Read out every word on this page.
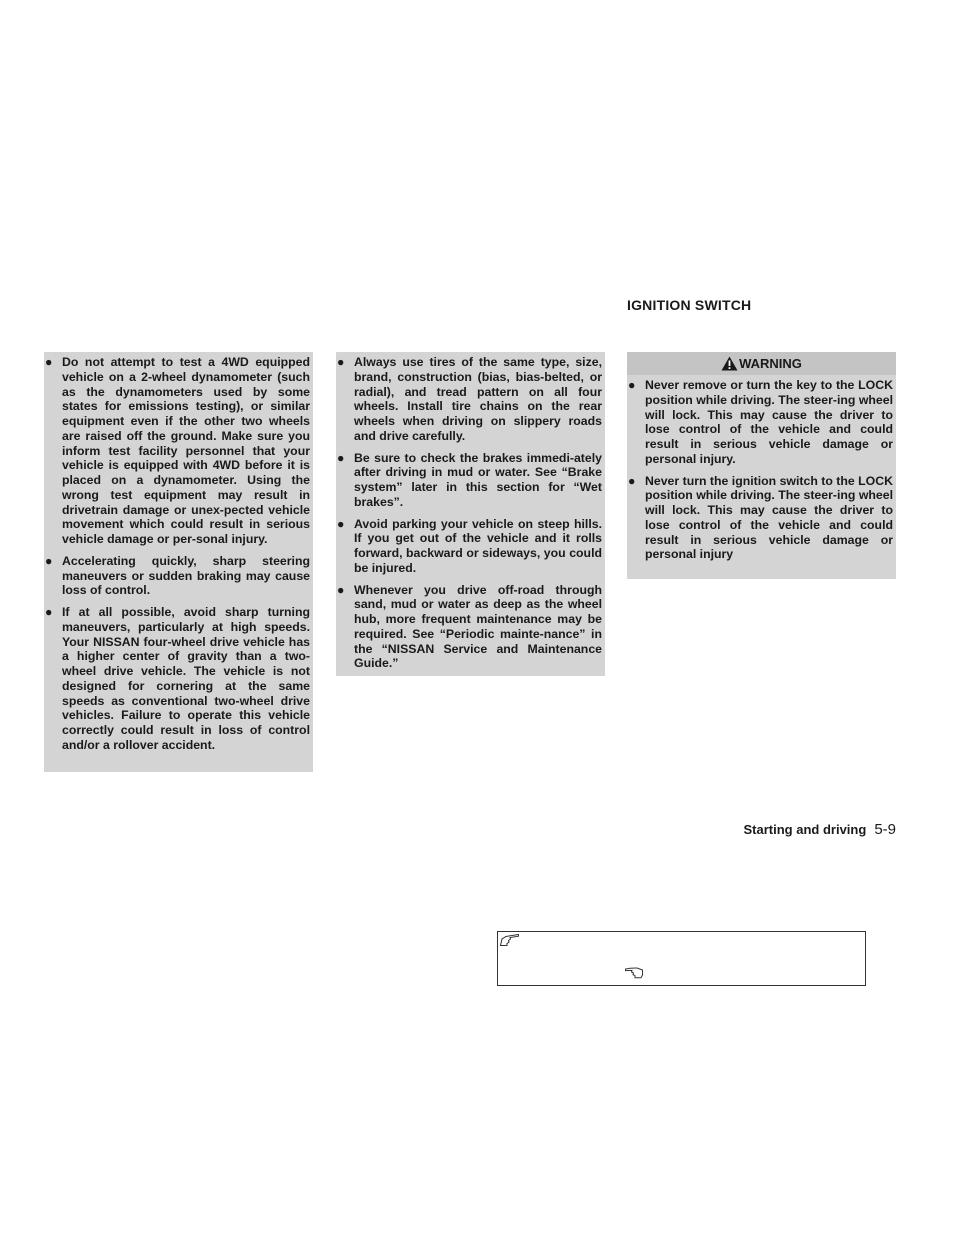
IGNITION SWITCH
● Do not attempt to test a 4WD equipped vehicle on a 2-wheel dynamometer (such as the dynamometers used by some states for emissions testing), or similar equipment even if the other two wheels are raised off the ground. Make sure you inform test facility personnel that your vehicle is equipped with 4WD before it is placed on a dynamometer. Using the wrong test equipment may result in drivetrain damage or unex-pected vehicle movement which could result in serious vehicle damage or per-sonal injury.
● Accelerating quickly, sharp steering maneuvers or sudden braking may cause loss of control.
● If at all possible, avoid sharp turning maneuvers, particularly at high speeds. Your NISSAN four-wheel drive vehicle has a higher center of gravity than a two-wheel drive vehicle. The vehicle is not designed for cornering at the same speeds as conventional two-wheel drive vehicles. Failure to operate this vehicle correctly could result in loss of control and/or a rollover accident.
● Always use tires of the same type, size, brand, construction (bias, bias-belted, or radial), and tread pattern on all four wheels. Install tire chains on the rear wheels when driving on slippery roads and drive carefully.
● Be sure to check the brakes immedi-ately after driving in mud or water. See “Brake system” later in this section for “Wet brakes”.
● Avoid parking your vehicle on steep hills. If you get out of the vehicle and it rolls forward, backward or sideways, you could be injured.
● Whenever you drive off-road through sand, mud or water as deep as the wheel hub, more frequent maintenance may be required. See “Periodic mainte-nance” in the “NISSAN Service and Maintenance Guide.”
WARNING
● Never remove or turn the key to the LOCK position while driving. The steer-ing wheel will lock. This may cause the driver to lose control of the vehicle and could result in serious vehicle damage or personal injury.
● Never turn the ignition switch to the LOCK position while driving. The steer-ing wheel will lock. This may cause the driver to lose control of the vehicle and could result in serious vehicle damage or personal injury
Starting and driving 5-9
